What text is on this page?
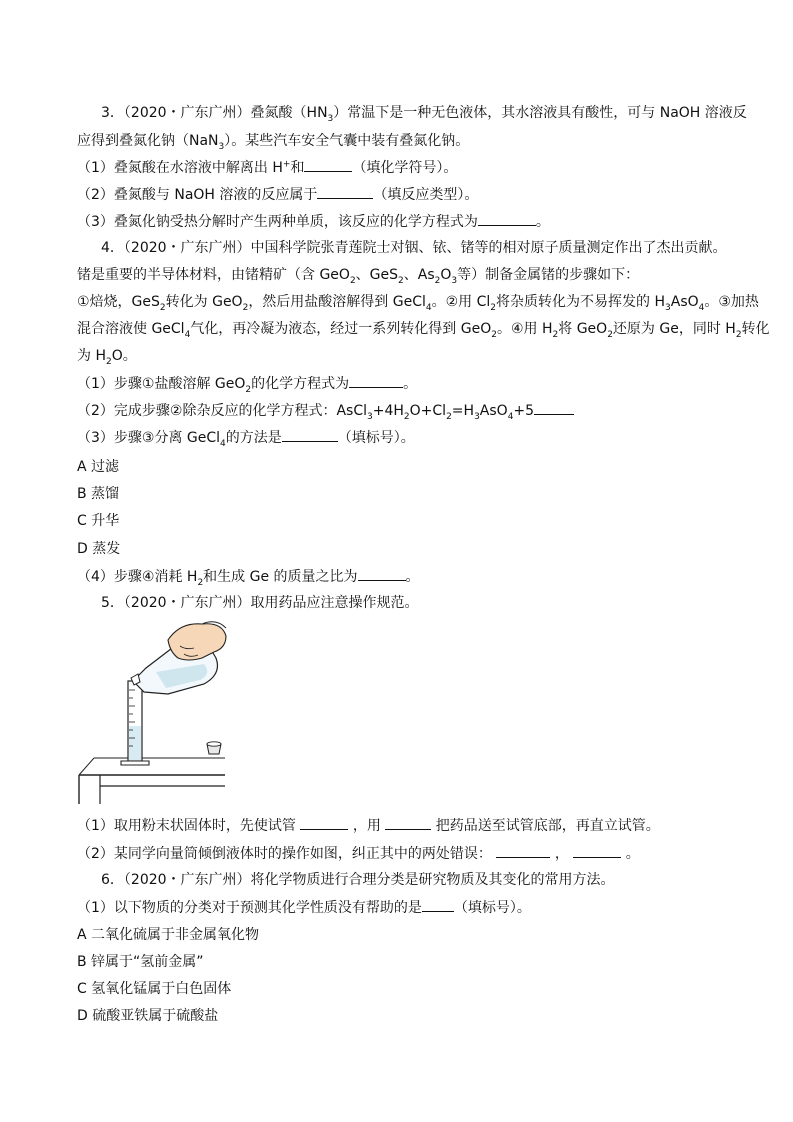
3．（2020・广东广州）叠氮酸$(HN_3)$常温下是一种无色液体，其水溶液具有酸性，可与 NaOH 溶液反
应得到叠氮化钠（NaN$_3$）。某些汽车安全气囊中装有叠氮化钠。
（1）叠氮酸在水溶液中解离出 H+和	（填化学符号）。
（2）叠氮酸与 NaOH 溶液的反应属于	（填反应类型）。
（3）叠氮化钠受热分解时产生两种单质，该反应的化学方程式为	。
4．（2020・广东广州）中国科学院张青莲院士对铟、铱、锗等的相对原子质量测定作出了杰出贡献。
锗是重要的半导体材料，由锗精矿（含 GeO$_2$、GeS$_2$、$As_2O_3$等）制备金属锗的步骤如下：
①焙烧，GeS$_2$转化为 GeO$_2$，然后用盐酸溶解得到 GeCl$_4$。②用 $Cl_2$将杂质转化为不易挥发的 $H_3AsO_4$。③加热
混合溶液使 GeCl$_4$气化，再冷凝为液态，经过一系列转化得到 GeO$_2$。④用 $H_2$将 GeO$_2$还原为 Ge，同时 $H_2$转化
为 $H_2O$。
（1）步骤①盐酸溶解 GeO$_2$的化学方程式为	。
（2）完成步骤②除杂反应的化学方程式：$AsCl_3+4H_2O+Cl_2=H_3AsO_4+5$
（3）步骤③分离 GeCl$_4$的方法是	（填标号）。
A 过滤
B 蒸馏
C 升华
D 蒸发
（4）步骤④消耗 $H_2$和生成 Ge 的质量之比为	。
5．（2020・广东广州）取用药品应注意操作规范。
（1）取用粉末状固体时，先使试管	，用	把药品送至试管底部，再直立试管。
（2）某同学向量筒倾倒液体时的操作如图，纠正其中的两处错误：	，	。
6．（2020・广东广州）将化学物质进行合理分类是研究物质及其变化的常用方法。
（1）以下物质的分类对于预测其化学性质没有帮助的是 （填标号）。
A 二氧化硫属于非金属氧化物
B 锌属于“氢前金属”
C 氢氧化锰属于白色固体
D 硫酸亚铁属于硫酸盐
